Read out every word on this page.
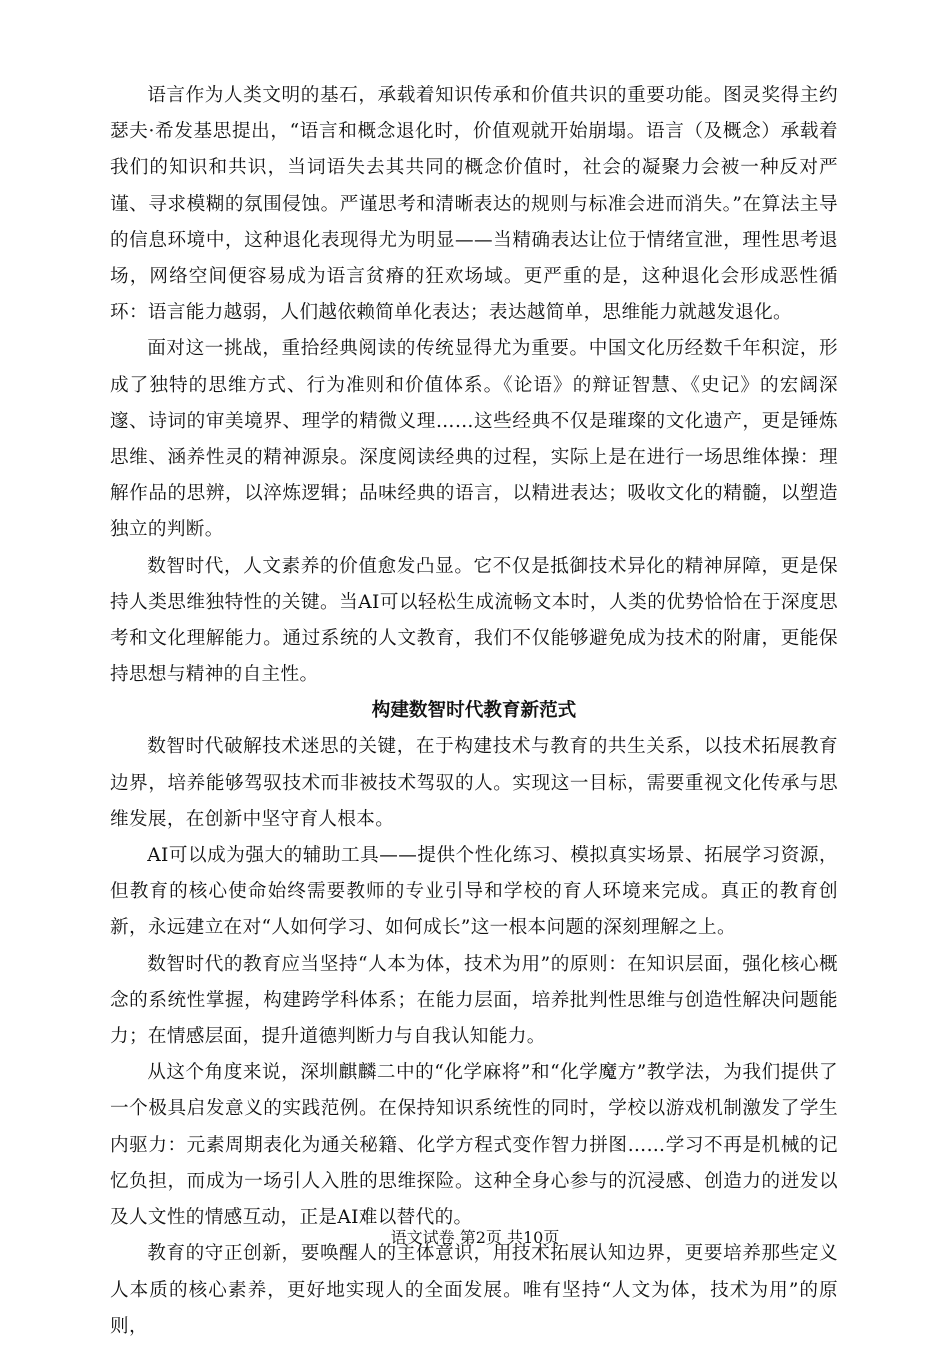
语言作为人类文明的基石，承载着知识传承和价值共识的重要功能。图灵奖得主约瑟夫·希发基思提出，“语言和概念退化时，价值观就开始崩塌。语言（及概念）承载着我们的知识和共识，当词语失去其共同的概念价值时，社会的凝聚力会被一种反对严谨、寻求模糊的氛围侵蚀。严谨思考和清晰表达的规则与标准会进而消失。”在算法主导的信息环境中，这种退化表现得尤为明显——当精确表达让位于情绪宣泄，理性思考退场，网络空间便容易成为语言贫瘠的狂欢场域。更严重的是，这种退化会形成恶性循环：语言能力越弱，人们越依赖简单化表达；表达越简单，思维能力就越发退化。

面对这一挑战，重拾经典阅读的传统显得尤为重要。中国文化历经数千年积淀，形成了独特的思维方式、行为准则和价值体系。《论语》的辩证智慧、《史记》的宏阔深邃、诗词的审美境界、理学的精微义理……这些经典不仅是璀璨的文化遗产，更是锤炼思维、涵养性灵的精神源泉。深度阅读经典的过程，实际上是在进行一场思维体操：理解作品的思辨，以淬炼逻辑；品味经典的语言，以精进表达；吸收文化的精髓，以塑造独立的判断。

数智时代，人文素养的价值愈发凸显。它不仅是抵御技术异化的精神屏障，更是保持人类思维独特性的关键。当AI可以轻松生成流畅文本时，人类的优势恰恰在于深度思考和文化理解能力。通过系统的人文教育，我们不仅能够避免成为技术的附庸，更能保持思想与精神的自主性。

构建数智时代教育新范式

数智时代破解技术迷思的关键，在于构建技术与教育的共生关系，以技术拓展教育边界，培养能够驾驭技术而非被技术驾驭的人。实现这一目标，需要重视文化传承与思维发展，在创新中坚守育人根本。

AI可以成为强大的辅助工具——提供个性化练习、模拟真实场景、拓展学习资源，但教育的核心使命始终需要教师的专业引导和学校的育人环境来完成。真正的教育创新，永远建立在对“人如何学习、如何成长”这一根本问题的深刻理解之上。

数智时代的教育应当坚持“人本为体，技术为用”的原则：在知识层面，强化核心概念的系统性掌握，构建跨学科体系；在能力层面，培养批判性思维与创造性解决问题能力；在情感层面，提升道德判断力与自我认知能力。

从这个角度来说，深圳麒麟二中的“化学麻将”和“化学魔方”教学法，为我们提供了一个极具启发意义的实践范例。在保持知识系统性的同时，学校以游戏机制激发了学生内驱力：元素周期表化为通关秘籍、化学方程式变作智力拼图……学习不再是机械的记忆负担，而成为一场引人入胜的思维探险。这种全身心参与的沉浸感、创造力的迸发以及人文性的情感互动，正是AI难以替代的。

教育的守正创新，要唤醒人的主体意识，用技术拓展认知边界，更要培养那些定义人本质的核心素养，更好地实现人的全面发展。唯有坚持“人文为体，技术为用”的原则，

语文试卷 第2页 共10页
